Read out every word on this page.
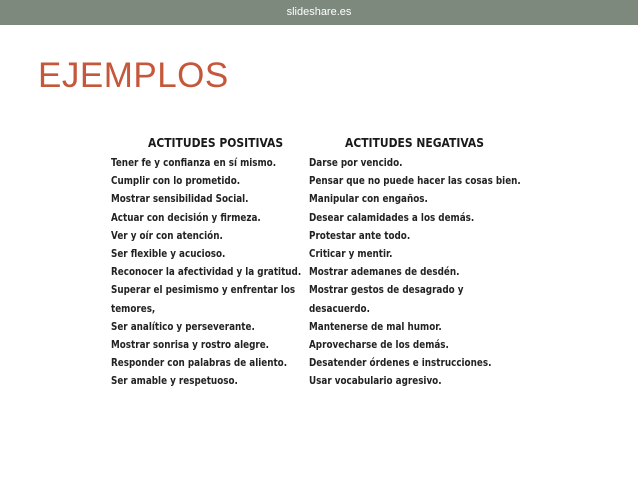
slideshare.es
EJEMPLOS
ACTITUDES POSITIVAS
Tener fe y confianza en sí mismo.
Cumplir con lo prometido.
Mostrar sensibilidad Social.
Actuar con decisión y firmeza.
Ver y oír con atención.
Ser flexible y acucioso.
Reconocer la afectividad y la gratitud.
Superar el pesimismo y enfrentar los
temores,
Ser analítico y perseverante.
Mostrar sonrisa y rostro alegre.
Responder con palabras de aliento.
Ser amable y respetuoso.
ACTITUDES NEGATIVAS
Darse por vencido.
Pensar que no puede hacer las cosas bien.
Manipular con engaños.
Desear calamidades a los demás.
Protestar ante todo.
Criticar y mentir.
Mostrar ademanes de desdén.
Mostrar gestos de desagrado y
desacuerdo.
Mantenerse de mal humor.
Aprovecharse de los demás.
Desatender órdenes e instrucciones.
Usar vocabulario agresivo.
